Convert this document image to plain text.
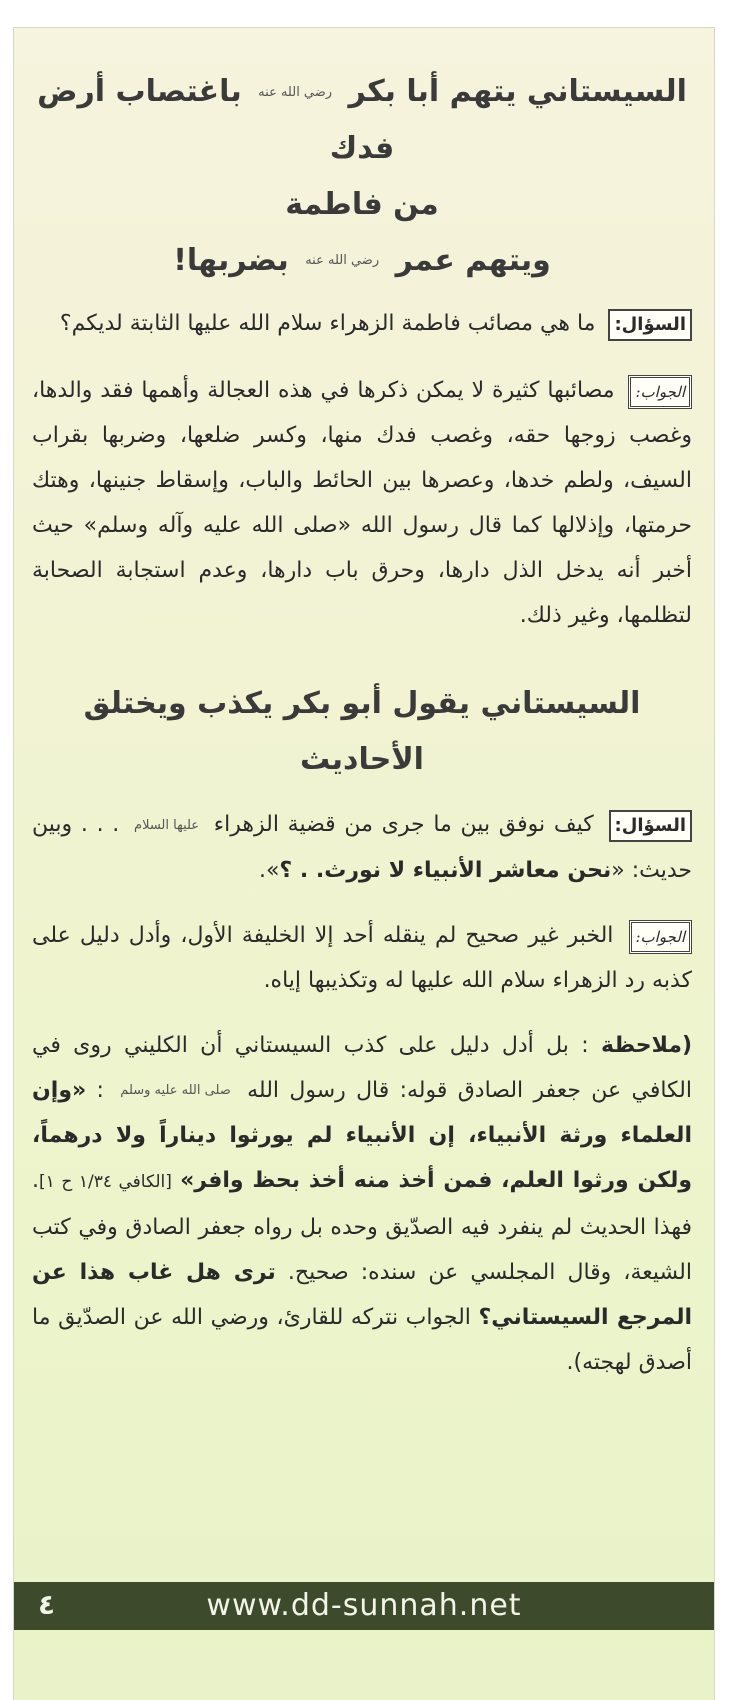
السيستاني يتهم أبا بكر رضي الله عنه باغتصاب أرض فدك
من فاطمة
ويتهم عمر رضي الله عنه بضربها!

السؤال: ما هي مصائب فاطمة الزهراء سلام الله عليها الثابتة لديكم؟

الجواب: مصائبها كثيرة لا يمكن ذكرها في هذه العجالة وأهمها فقد والدها، وغصب زوجها حقه، وغصب فدك منها، وكسر ضلعها، وضربها بقراب السيف، ولطم خدها، وعصرها بين الحائط والباب، وإسقاط جنينها، وهتك حرمتها، وإذلالها كما قال رسول الله «صلى الله عليه وآله وسلم» حيث أخبر أنه يدخل الذل دارها، وحرق باب دارها، وعدم استجابة الصحابة لتظلمها، وغير ذلك.

السيستاني يقول أبو بكر يكذب ويختلق الأحاديث

السؤال: كيف نوفق بين ما جرى من قضية الزهراء عليها السلام . . . وبين حديث: «نحن معاشر الأنبياء لا نورث. . ؟».

الجواب: الخبر غير صحيح لم ينقله أحد إلا الخليفة الأول، وأدل دليل على كذبه رد الزهراء سلام الله عليها له وتكذيبها إياه.

(ملاحظة : بل أدل دليل على كذب السيستاني أن الكليني روى في الكافي عن جعفر الصادق قوله: قال رسول الله صلى الله عليه وسلم : «وإن العلماء ورثة الأنبياء، إن الأنبياء لم يورثوا ديناراً ولا درهماً، ولكن ورثوا العلم، فمن أخذ منه أخذ بحظ وافر» [الكافي ١/٣٤ ح ١]. فهذا الحديث لم ينفرد فيه الصدّيق وحده بل رواه جعفر الصادق وفي كتب الشيعة، وقال المجلسي عن سنده: صحيح. ترى هل غاب هذا عن المرجع السيستاني؟ الجواب نتركه للقارئ، ورضي الله عن الصدّيق ما أصدق لهجته).

www.dd-sunnah.net
٤
